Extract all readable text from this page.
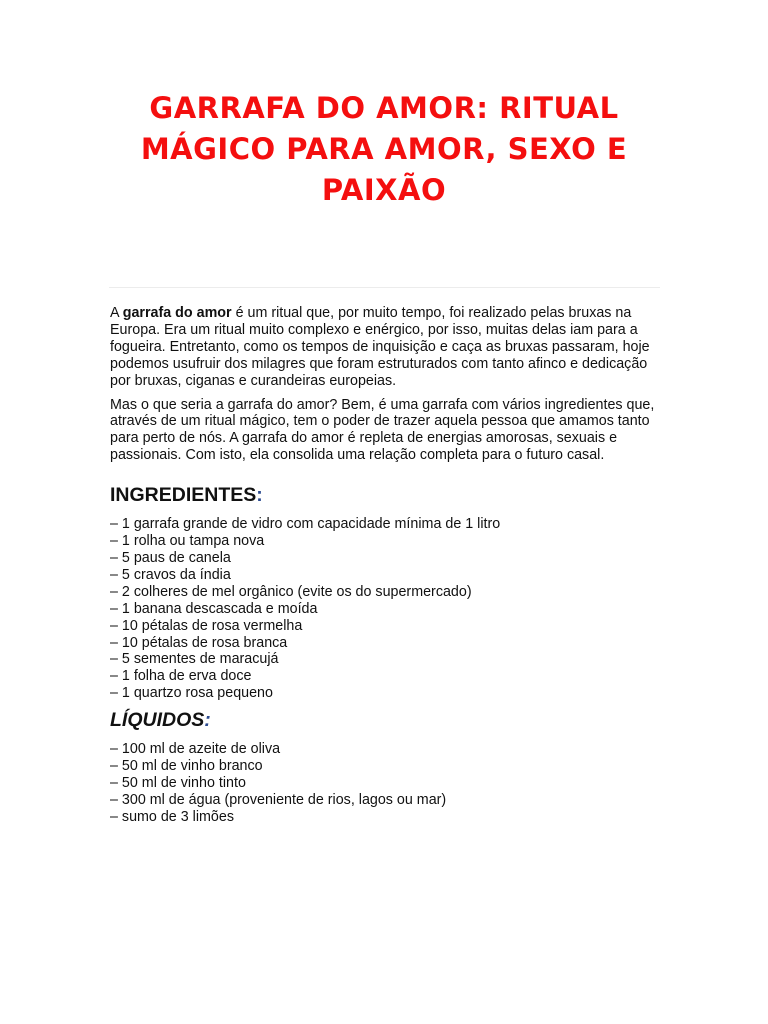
GARRAFA DO AMOR: RITUAL MÁGICO PARA AMOR, SEXO E PAIXÃO

A garrafa do amor é um ritual que, por muito tempo, foi realizado pelas bruxas na Europa. Era um ritual muito complexo e enérgico, por isso, muitas delas iam para a fogueira. Entretanto, como os tempos de inquisição e caça as bruxas passaram, hoje podemos usufruir dos milagres que foram estruturados com tanto afinco e dedicação por bruxas, ciganas e curandeiras europeias.

Mas o que seria a garrafa do amor? Bem, é uma garrafa com vários ingredientes que, através de um ritual mágico, tem o poder de trazer aquela pessoa que amamos tanto para perto de nós. A garrafa do amor é repleta de energias amorosas, sexuais e passionais. Com isto, ela consolida uma relação completa para o futuro casal.

INGREDIENTES:
– 1 garrafa grande de vidro com capacidade mínima de 1 litro
– 1 rolha ou tampa nova
– 5 paus de canela
– 5 cravos da índia
– 2 colheres de mel orgânico (evite os do supermercado)
– 1 banana descascada e moída
– 10 pétalas de rosa vermelha
– 10 pétalas de rosa branca
– 5 sementes de maracujá
– 1 folha de erva doce
– 1 quartzo rosa pequeno
LÍQUIDOS:
– 100 ml de azeite de oliva
– 50 ml de vinho branco
– 50 ml de vinho tinto
– 300 ml de água (proveniente de rios, lagos ou mar)
– sumo de 3 limões
